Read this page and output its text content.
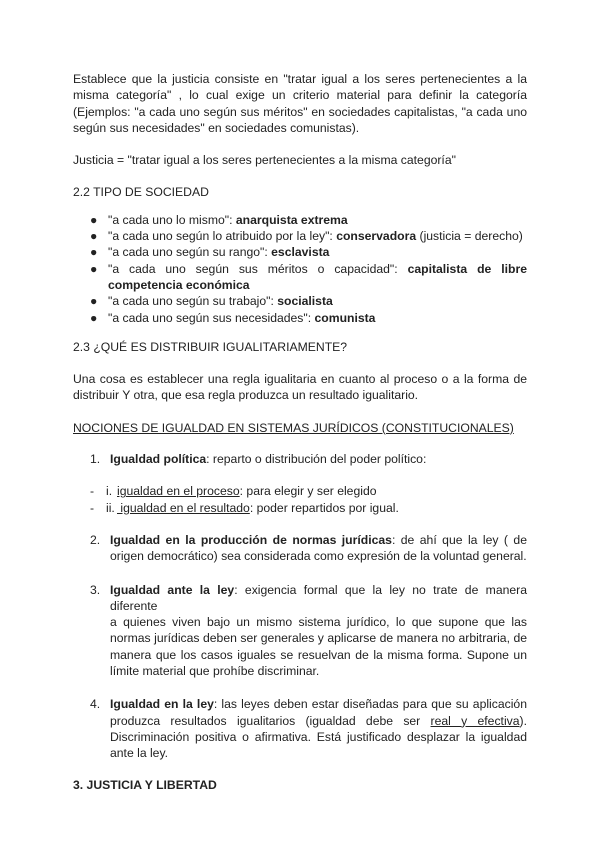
Establece que la justicia consiste en "tratar igual a los seres pertenecientes a la

misma categoría" , lo cual exige un criterio material para definir la categoría

(Ejemplos: "a cada uno según sus méritos" en sociedades capitalistas, "a cada uno

según sus necesidades" en sociedades comunistas).

Justicia = "tratar igual a los seres pertenecientes a la misma categoría"

2.2 TIPO DE SOCIEDAD

● "a cada uno lo mismo": anarquista extrema
● "a cada uno según lo atribuido por la ley": conservadora (justicia = derecho)
● "a cada uno según su rango": esclavista
● "a cada uno según sus méritos o capacidad": capitalista de libre
competencia económica
● "a cada uno según su trabajo": socialista
● "a cada uno según sus necesidades": comunista

2.3 ¿QUÉ ES DISTRIBUIR IGUALITARIAMENTE?

Una cosa es establecer una regla igualitaria en cuanto al proceso o a la forma de

distribuir Y otra, que esa regla produzca un resultado igualitario.

NOCIONES DE IGUALDAD EN SISTEMAS JURÍDICOS (CONSTITUCIONALES)

1. Igualdad política: reparto o distribución del poder político:
- i. igualdad en el proceso: para elegir y ser elegido
- ii. igualdad en el resultado: poder repartidos por igual.
2. Igualdad en la producción de normas jurídicas: de ahí que la ley ( de
origen democrático) sea considerada como expresión de la voluntad general.
3. Igualdad ante la ley: exigencia formal que la ley no trate de manera diferente
a quienes viven bajo un mismo sistema jurídico, lo que supone que las
normas jurídicas deben ser generales y aplicarse de manera no arbitraria, de
manera que los casos iguales se resuelvan de la misma forma. Supone un
límite material que prohíbe discriminar.
4. Igualdad en la ley: las leyes deben estar diseñadas para que su aplicación
produzca resultados igualitarios (igualdad debe ser real y efectiva).
Discriminación positiva o afirmativa. Está justificado desplazar la igualdad
ante la ley.

3. JUSTICIA Y LIBERTAD
